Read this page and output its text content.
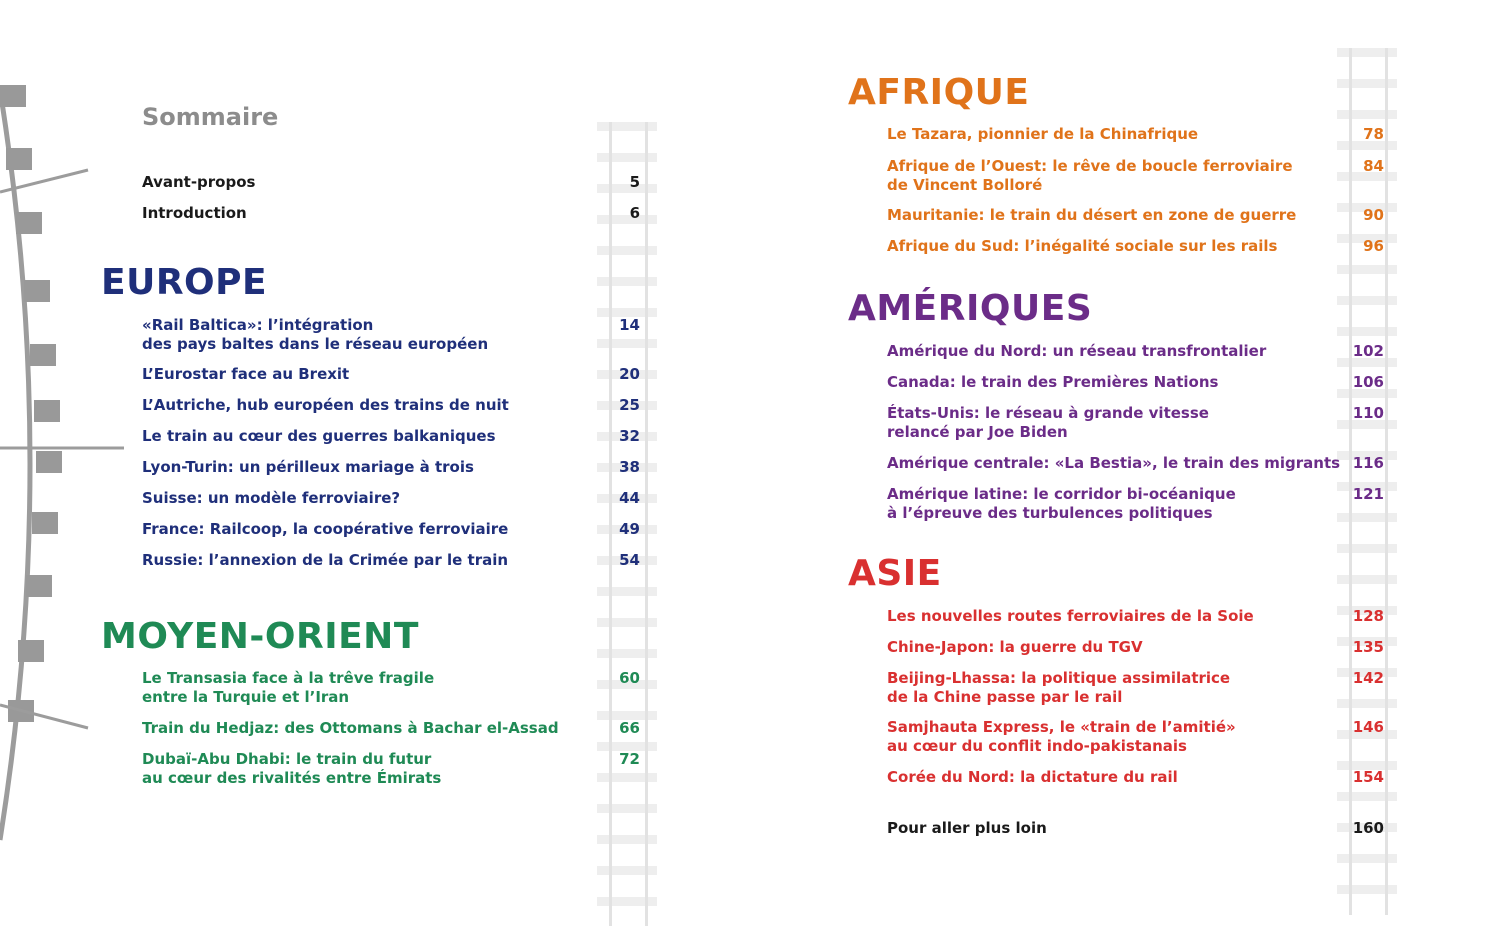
Sommaire
EUROPE
MOYEN-ORIENT
AFRIQUE
AMÉRIQUES
ASIE
Avant-propos	5
Introduction	6
«Rail Baltica»: l’intégration
des pays baltes dans le réseau européen
14
L’Eurostar face au Brexit	20
L’Autriche, hub européen des trains de nuit	25
Le train au cœur des guerres balkaniques	32
Lyon-Turin: un périlleux mariage à trois	38
Suisse: un modèle ferroviaire?	44
France: Railcoop, la coopérative ferroviaire	49
Russie: l’annexion de la Crimée par le train	54
Le Transasia face à la trêve fragile
entre la Turquie et l’Iran
60
Train du Hedjaz: des Ottomans à Bachar el-Assad	66
Dubaï-Abu Dhabi: le train du futur
au cœur des rivalités entre Émirats
72
Le Tazara, pionnier de la Chinafrique	78
Afrique de l’Ouest: le rêve de boucle ferroviaire
de Vincent Bolloré
84
Mauritanie: le train du désert en zone de guerre	90
Afrique du Sud: l’inégalité sociale sur les rails	96
Amérique du Nord: un réseau transfrontalier	102
Canada: le train des Premières Nations	106
États-Unis: le réseau à grande vitesse
relancé par Joe Biden
110
Amérique centrale: «La Bestia», le train des migrants 116
Amérique latine: le corridor bi-océanique
à l’épreuve des turbulences politiques
121
Les nouvelles routes ferroviaires de la Soie	128
Chine-Japon: la guerre du TGV	135
Beijing-Lhassa: la politique assimilatrice
de la Chine passe par le rail
142
Samjhauta Express, le «train de l’amitié»
au cœur du conflit indo-pakistanais
146
Corée du Nord: la dictature du rail	154
Pour aller plus loin	160
